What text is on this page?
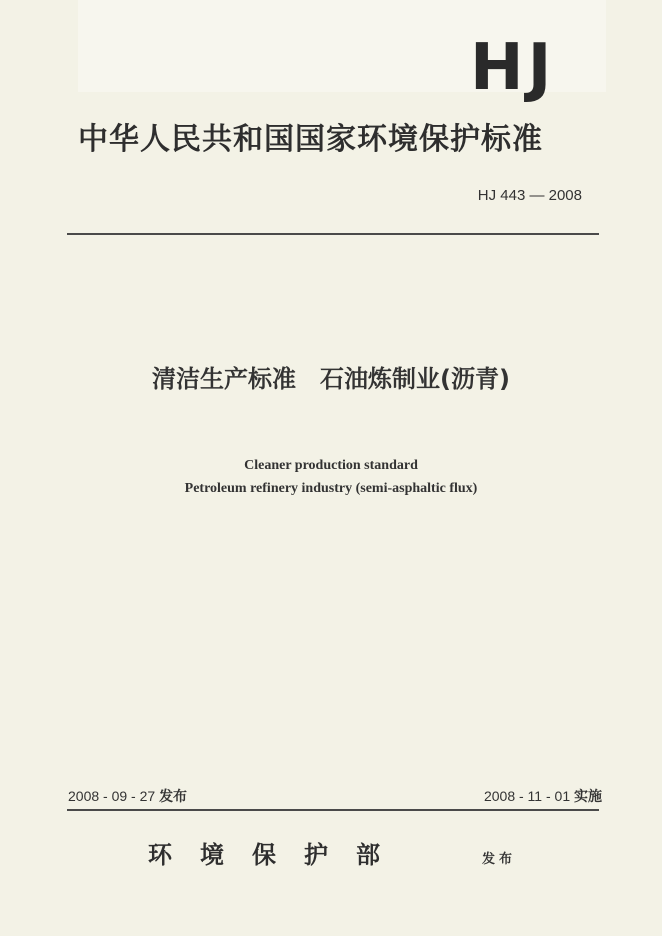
HJ
中华人民共和国国家环境保护标准
HJ 443 — 2008
清洁生产标准　石油炼制业(沥青)
Cleaner production standard
Petroleum refinery industry (semi-asphaltic flux)
2008 - 09 - 27 发布	2008 - 11 - 01 实施
环境保护部	发布
